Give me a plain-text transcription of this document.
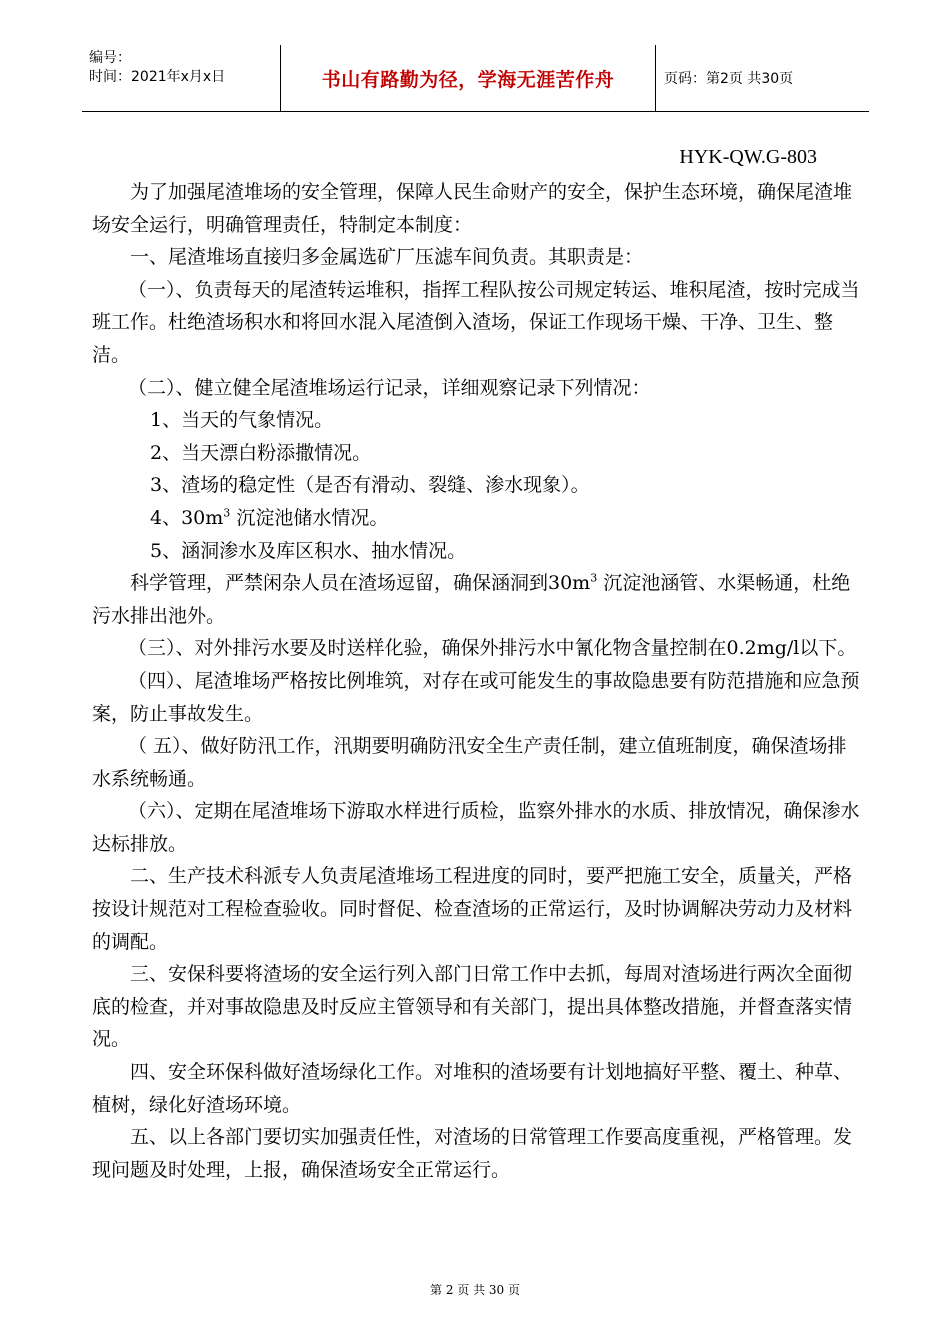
编号：
时间：2021年x月x日	书山有路勤为径，学海无涯苦作舟	页码：第2页 共30页
HYK-QW.G-803

为了加强尾渣堆场的安全管理，保障人民生命财产的安全，保护生态环境，确保尾渣堆场安全运行，明确管理责任，特制定本制度：

一、尾渣堆场直接归多金属选矿厂压滤车间负责。其职责是：

（一）、负责每天的尾渣转运堆积，指挥工程队按公司规定转运、堆积尾渣，按时完成当班工作。杜绝渣场积水和将回水混入尾渣倒入渣场，保证工作现场干燥、干净、卫生、整洁。

（二）、健立健全尾渣堆场运行记录，详细观察记录下列情况：

1、当天的气象情况。

2、当天漂白粉添撒情况。

3、渣场的稳定性（是否有滑动、裂缝、渗水现象）。

4、$30m^3$ 沉淀池储水情况。

5、涵洞渗水及库区积水、抽水情况。

科学管理，严禁闲杂人员在渣场逗留，确保涵洞到$30m^3$ 沉淀池涵管、水渠畅通，杜绝污水排出池外。

（三）、对外排污水要及时送样化验，确保外排污水中氰化物含量控制在0.2mg/l以下。

（四）、尾渣堆场严格按比例堆筑，对存在或可能发生的事故隐患要有防范措施和应急预案，防止事故发生。

（ 五）、做好防汛工作，汛期要明确防汛安全生产责任制，建立值班制度，确保渣场排水系统畅通。

（六）、定期在尾渣堆场下游取水样进行质检，监察外排水的水质、排放情况，确保渗水达标排放。

二、生产技术科派专人负责尾渣堆场工程进度的同时，要严把施工安全，质量关，严格按设计规范对工程检查验收。同时督促、检查渣场的正常运行，及时协调解决劳动力及材料的调配。

三、安保科要将渣场的安全运行列入部门日常工作中去抓，每周对渣场进行两次全面彻底的检查，并对事故隐患及时反应主管领导和有关部门，提出具体整改措施，并督查落实情况。

四、安全环保科做好渣场绿化工作。对堆积的渣场要有计划地搞好平整、覆土、种草、植树，绿化好渣场环境。

五、以上各部门要切实加强责任性，对渣场的日常管理工作要高度重视，严格管理。发现问题及时处理，上报，确保渣场安全正常运行。

第 2 页 共 30 页
